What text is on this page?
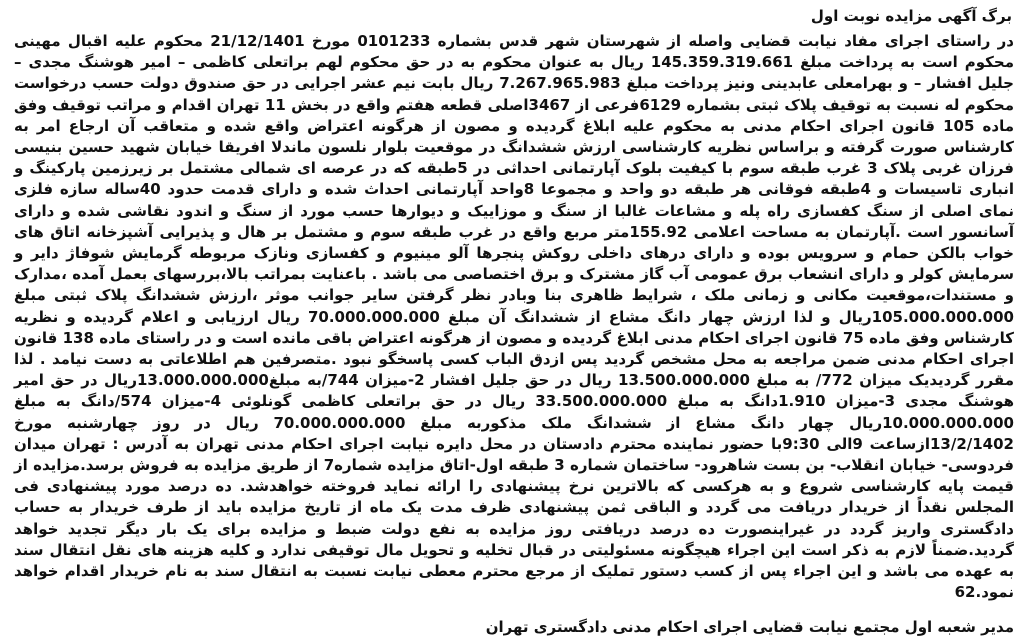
برگ آگهی مزایده نوبت اول

در راستای اجرای مفاد نیابت قضایی واصله از شهرستان شهر قدس بشماره 0101233 مورخ 21/12/1401 محکوم علیه اقبال مهینی محکوم است به پرداخت مبلغ 145.359.319.661 ریال به عنوان محکوم به در حق محکوم لهم براتعلی کاظمی – امیر هوشنگ مجدی – جلیل افشار – و بهرامعلی عابدینی ونیز پرداخت مبلغ 7.267.965.983 ریال بابت نیم عشر اجرایی در حق صندوق دولت حسب درخواست محکوم له نسبت به توقیف پلاک ثبتی بشماره 6129فرعی از 3467اصلی قطعه هفتم واقع در بخش 11 تهران اقدام و مراتب توقیف وفق ماده 105 قانون اجرای احکام مدنی به محکوم علیه ابلاغ گردیده و مصون از هرگونه اعتراض واقع شده و متعاقب آن ارجاع امر به کارشناس صورت گرفته و براساس نظریه کارشناسی ارزش ششدانگ در موقعیت بلوار نلسون ماندلا افریقا خیابان شهید حسین بنیسی فرزان غربی پلاک 3 غرب طبقه سوم با کیفیت بلوک آپارتمانی احداثی در 5طبقه که در عرصه ای شمالی مشتمل بر زیرزمین پارکینگ و انباری تاسیسات و 4طبقه فوقانی هر طبقه دو واحد و مجموعا 8واحد آپارتمانی احداث شده و دارای قدمت حدود 40ساله سازه فلزی نمای اصلی از سنگ کفسازی راه پله و مشاعات غالبا از سنگ و موزاییک و دیوارها حسب مورد از سنگ و اندود نقاشی شده و دارای آسانسور است .آپارتمان به مساحت اعلامی 155.92متر مربع واقع در غرب طبقه سوم و مشتمل بر هال و پذیرایی آشپزخانه اتاق های خواب بالکن حمام و سرویس بوده و دارای درهای داخلی روکش پنجرها آلو مینیوم و کفسازی ونازک مربوطه گرمایش شوفاژ دایر و سرمایش کولر و دارای انشعاب برق عمومی آب گاز مشترک و برق اختصاصی می باشد . باعنایت بمراتب بالا،بررسهای بعمل آمده ،مدارک و مستندات،موقعیت مکانی و زمانی ملک ، شرایط ظاهری بنا وبادر نظر گرفتن سایر جوانب موثر ،ارزش ششدانگ پلاک ثبتی مبلغ 105.000.000.000ریال و لذا ارزش چهار دانگ مشاع از ششدانگ آن مبلغ 70.000.000.000 ریال ارزیابی و اعلام گردیده و نظریه کارشناس وفق ماده 75 قانون اجرای احکام مدنی ابلاغ گردیده و مصون از هرگونه اعتراض باقی مانده است و در راستای ماده 138 قانون اجرای احکام مدنی ضمن مراجعه به محل مشخص گردید پس ازدق الباب کسی پاسخگو نبود .متصرفین هم اطلاعاتی به دست نیامد . لذا مقرر گردیدیک میزان 772/ به مبلغ 13.500.000.000 ریال در حق جلیل افشار 2-میزان 744/به مبلغ13.000.000.000ریال در حق امیر هوشنگ مجدی 3-میزان 1.910دانگ به مبلغ 33.500.000.000 ریال در حق براتعلی کاظمی گونلوئی 4-میزان 574/دانگ به مبلغ 10.000.000.000ریال چهار دانگ مشاع از ششدانگ ملک مذکوربه مبلغ 70.000.000.000 ریال در روز چهارشنبه مورخ 13/2/1402ازساعت 9الی 9:30با حضور نماینده محترم دادستان در محل دایره نیابت اجرای احکام مدنی تهران به آدرس : تهران میدان فردوسی- خیابان انقلاب- بن بست شاهرود- ساختمان شماره 3 طبقه اول-اتاق مزایده شماره7 از طریق مزایده به فروش برسد.مزایده از قیمت پایه کارشناسی شروع و به هرکسی که بالاترین نرخ پیشنهادی را ارائه نماید فروخته خواهدشد. ده درصد مورد پیشنهادی فی المجلس نقداً از خریدار دریافت می گردد و الباقی ثمن پیشنهادی ظرف مدت یک ماه از تاریخ مزایده باید از طرف خریدار به حساب دادگستری واریز گردد در غیراینصورت ده درصد دریافتی روز مزایده به نفع دولت ضبط و مزایده برای یک بار دیگر تجدید خواهد گردید.ضمناً لازم به ذکر است این اجراء هیچگونه مسئولیتی در قبال تخلیه و تحویل مال توقیفی ندارد و کلیه هزینه های نقل انتقال سند به عهده می باشد و این اجراء پس از کسب دستور تملیک از مرجع محترم معطی نیابت نسبت به انتقال سند به نام خریدار اقدام خواهد نمود.62

مدیر شعبه اول مجتمع نیابت قضایی اجرای احکام مدنی دادگستری تهران
